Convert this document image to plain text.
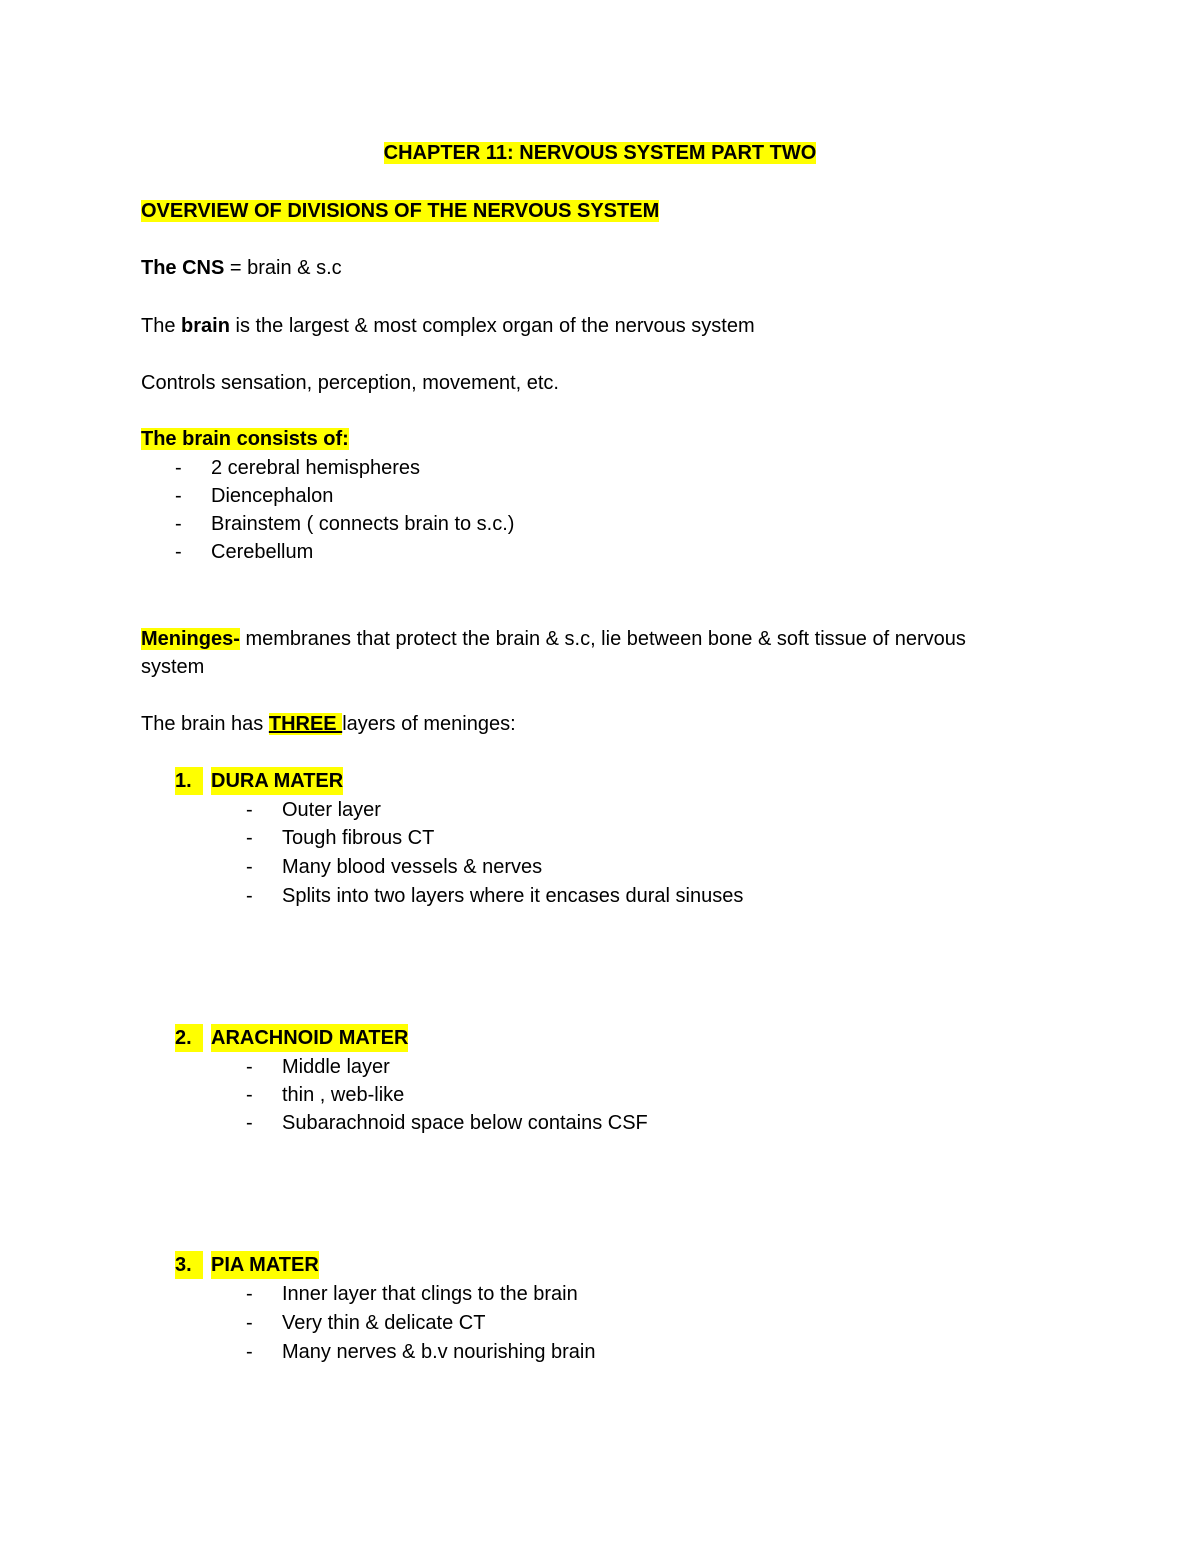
CHAPTER 11: NERVOUS SYSTEM PART TWO
OVERVIEW OF DIVISIONS OF THE NERVOUS SYSTEM
The CNS = brain & s.c
The brain is the largest & most complex organ of the nervous system
Controls sensation, perception, movement, etc.
The brain consists of:
- 2 cerebral hemispheres
- Diencephalon
- Brainstem ( connects brain to s.c.)
- Cerebellum
Meninges- membranes that protect the brain & s.c, lie between bone & soft tissue of nervous
system
The brain has THREE layers of meninges:
1. DURA MATER
- Outer layer
- Tough fibrous CT
- Many blood vessels & nerves
- Splits into two layers where it encases dural sinuses
2. ARACHNOID MATER
- Middle layer
- thin , web-like
- Subarachnoid space below contains CSF
3. PIA MATER
- Inner layer that clings to the brain
- Very thin & delicate CT
- Many nerves & b.v nourishing brain
